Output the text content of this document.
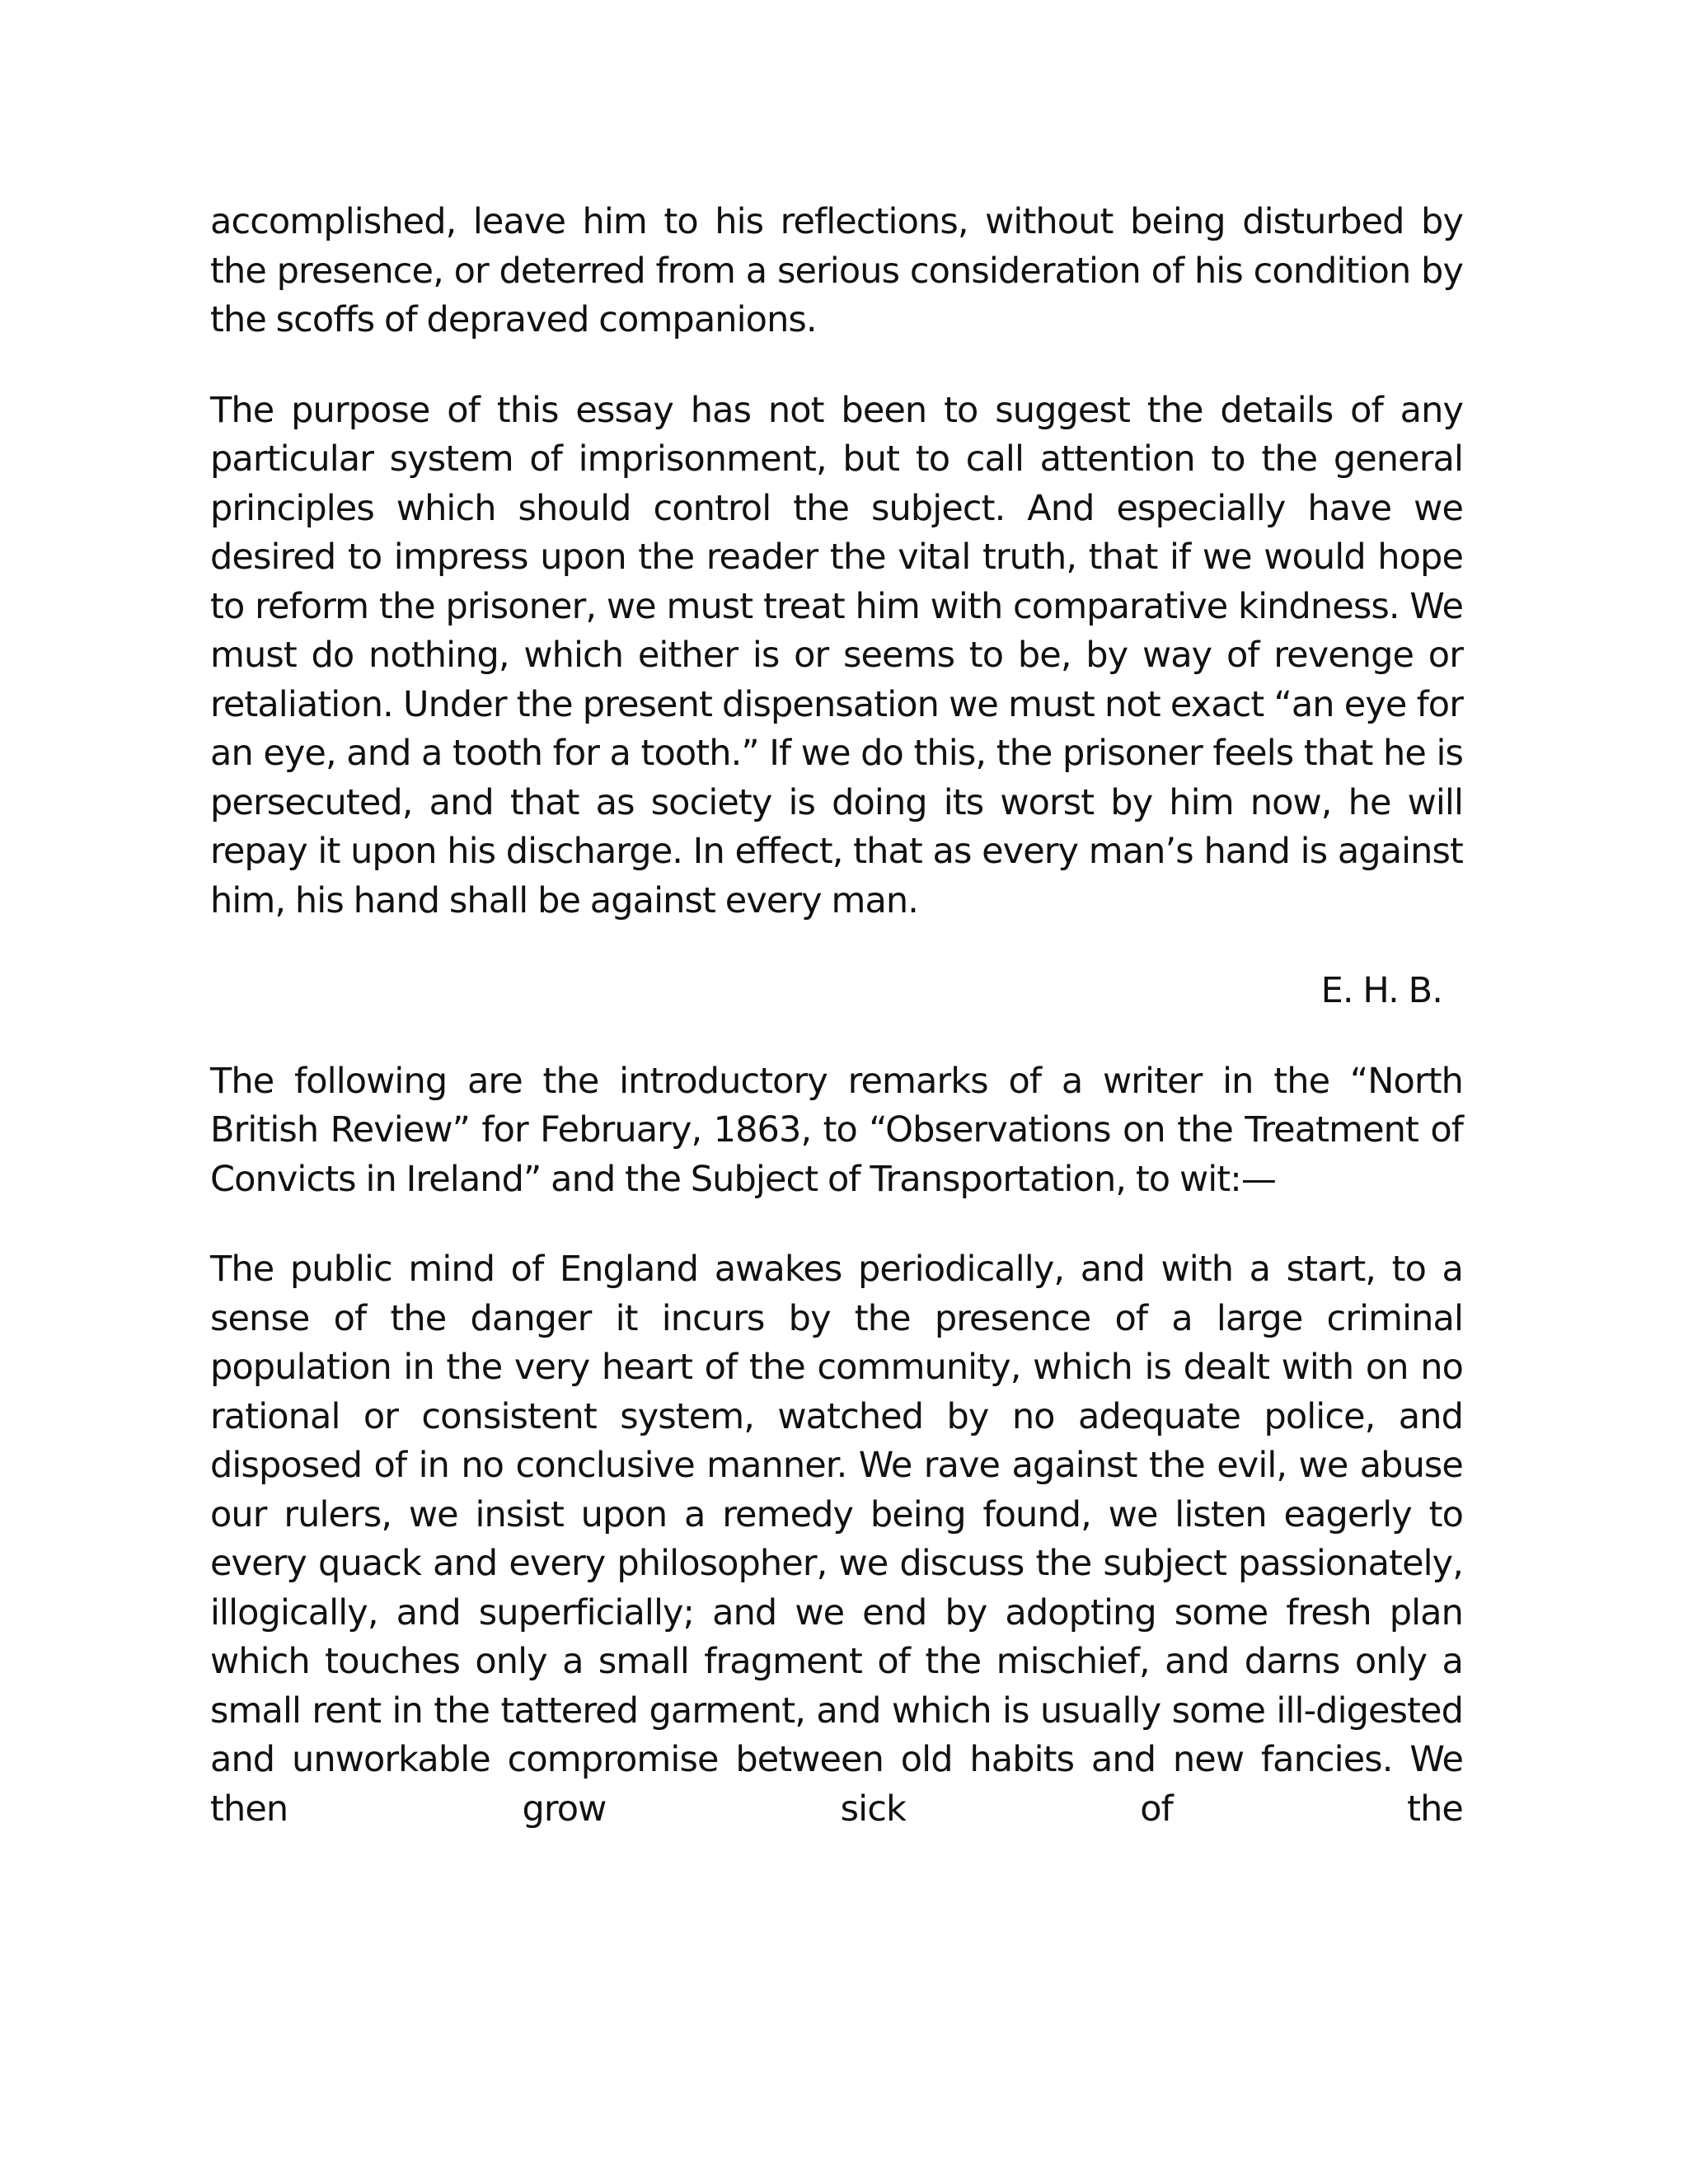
accomplished, leave him to his reflections, without being disturbed by the presence, or deterred from a serious consideration of his condition by the scoffs of depraved companions.

The purpose of this essay has not been to suggest the details of any particular system of imprisonment, but to call attention to the general principles which should control the subject. And especially have we desired to impress upon the reader the vital truth, that if we would hope to reform the prisoner, we must treat him with comparative kindness. We must do nothing, which either is or seems to be, by way of revenge or retaliation. Under the present dispensation we must not exact “an eye for an eye, and a tooth for a tooth.” If we do this, the prisoner feels that he is persecuted, and that as society is doing its worst by him now, he will repay it upon his discharge. In effect, that as every man’s hand is against him, his hand shall be against every man.

E. H. B.

The following are the introductory remarks of a writer in the “North British Review” for February, 1863, to “Observations on the Treatment of Convicts in Ireland” and the Subject of Transportation, to wit:—

The public mind of England awakes periodically, and with a start, to a sense of the danger it incurs by the presence of a large criminal population in the very heart of the community, which is dealt with on no rational or consistent system, watched by no adequate police, and disposed of in no conclusive manner. We rave against the evil, we abuse our rulers, we insist upon a remedy being found, we listen eagerly to every quack and every philosopher, we discuss the subject passionately, illogically, and superficially; and we end by adopting some fresh plan which touches only a small fragment of the mischief, and darns only a small rent in the tattered garment, and which is usually some ill-digested and unworkable compromise between old habits and new fancies. We then grow sick of the
